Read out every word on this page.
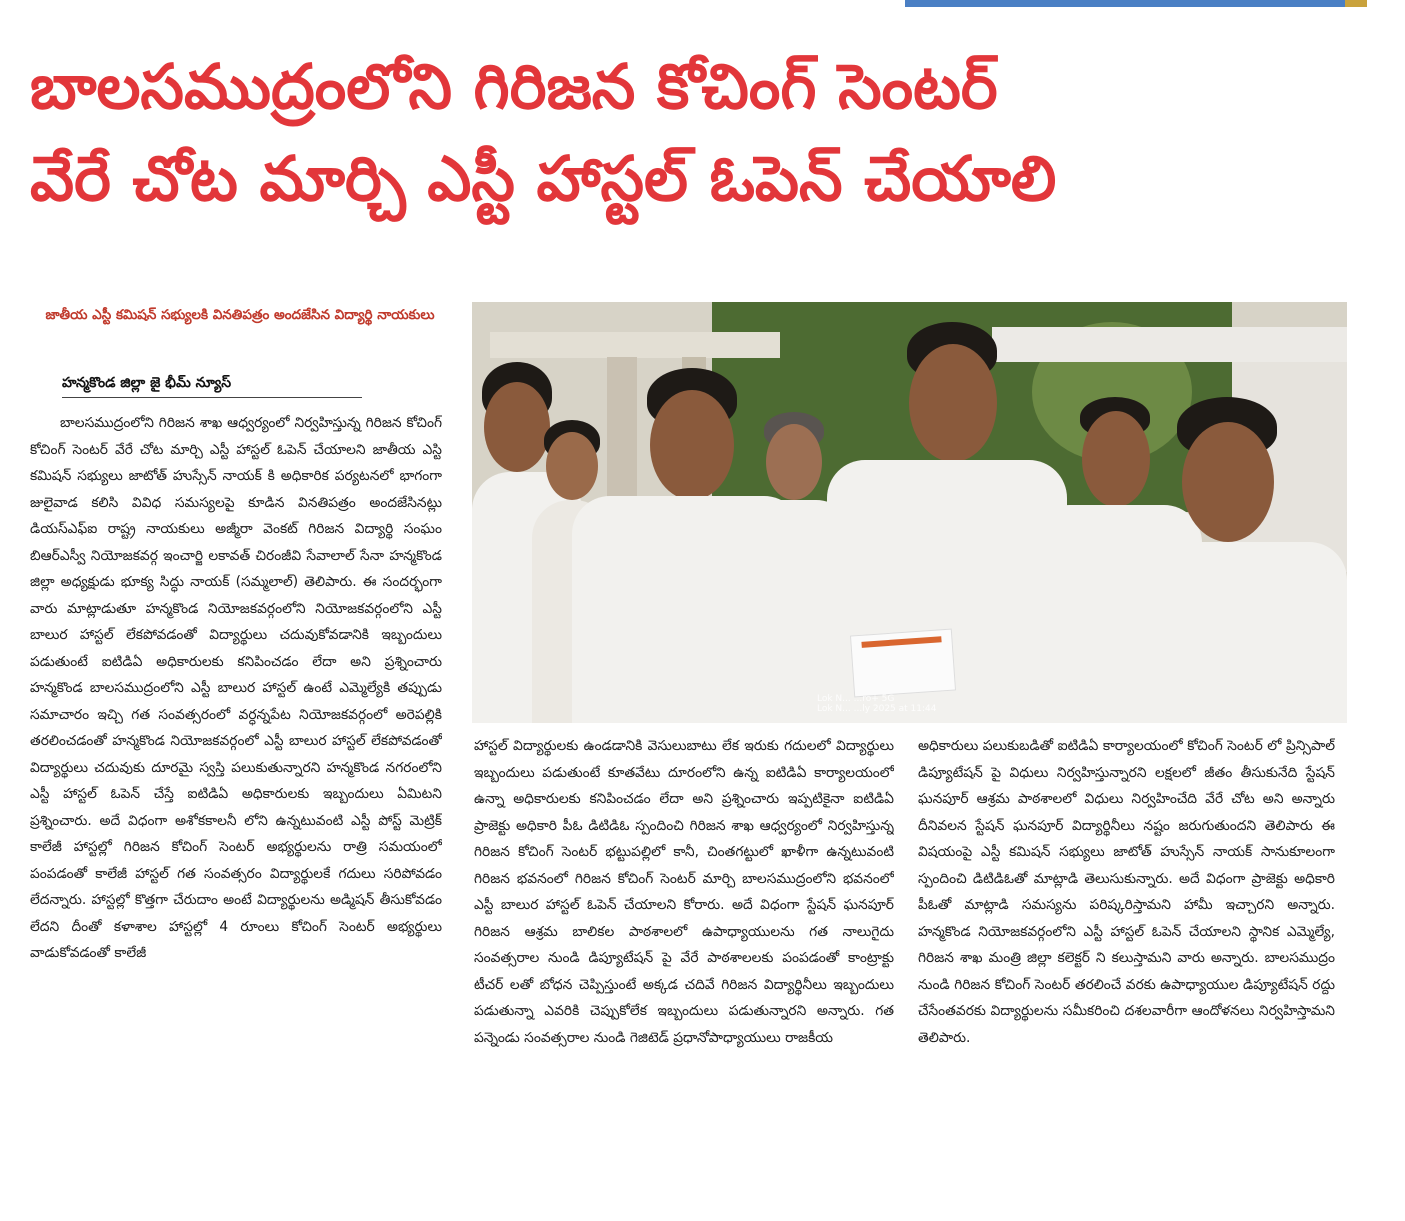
బాలసముద్రంలోని గిరిజన కోచింగ్ సెంటర్
వేరే చోట మార్చి ఎస్టీ హాస్టల్ ఓపెన్ చేయాలి
జాతీయ ఎస్టీ కమిషన్ సభ్యులకి వినతిపత్రం అందజేసిన విద్యార్థి నాయకులు
హన్మకొండ జిల్లా జై భీమ్ న్యూస్
Lok N... ...ro+ 5G
Lok N... ...ly 2025 at 11:44
బాలసముద్రంలోని గిరిజన శాఖ ఆధ్వర్యంలో నిర్వహిస్తున్న గిరిజన కోచింగ్ కోచింగ్ సెంటర్ వేరే చోట మార్చి ఎస్టీ హాస్టల్ ఓపెన్ చేయాలని జాతీయ ఎస్టి కమిషన్ సభ్యులు జాటోత్ హుస్సేన్ నాయక్ కి అధికారిక పర్యటనలో భాగంగా జులైవాడ కలిసి వివిధ సమస్యలపై కూడిన వినతిపత్రం అందజేసినట్లు డియస్ఎఫ్ఐ రాష్ట్ర నాయకులు అజ్మీరా వెంకట్ గిరిజన విద్యార్థి సంఘం బిఆర్ఎస్వీ నియోజకవర్గ ఇంచార్జి లకావత్ చిరంజీవి సేవాలాల్ సేనా హన్మకొండ జిల్లా అధ్యక్షుడు భూక్య సిద్ధు నాయక్ (సమ్మలాల్) తెలిపారు. ఈ సందర్భంగా వారు మాట్లాడుతూ హన్మకొండ నియోజకవర్గంలోని నియోజకవర్గంలోని ఎస్టీ బాలుర హాస్టల్ లేకపోవడంతో విద్యార్థులు చదువుకోవడానికి ఇబ్బందులు పడుతుంటే ఐటిడిఏ అధికారులకు కనిపించడం లేదా అని ప్రశ్నించారు హన్మకొండ బాలసముద్రంలోని ఎస్టీ బాలుర హాస్టల్ ఉంటే ఎమ్మెల్యేకి తప్పుడు సమాచారం ఇచ్చి గత సంవత్సరంలో వర్ధన్నపేట నియోజకవర్గంలో అరెపల్లికి తరలించడంతో హన్మకొండ నియోజకవర్గంలో ఎస్టీ బాలుర హాస్టల్ లేకపోవడంతో విద్యార్థులు చదువుకు దూరమై స్వస్తి పలుకుతున్నారని హన్మకొండ నగరంలోని ఎస్టీ హాస్టల్ ఓపెన్ చేస్తే ఐటిడిఏ అధికారులకు ఇబ్బందులు ఏమిటని ప్రశ్నించారు. అదే విధంగా అశోకకాలనీ లోని ఉన్నటువంటి ఎస్టీ పోస్ట్ మెట్రిక్ కాలేజీ హాస్టల్లో గిరిజన కోచింగ్ సెంటర్ అభ్యర్థులను రాత్రి సమయంలో పంపడంతో కాలేజీ హాస్టల్ గత సంవత్సరం విద్యార్థులకే గదులు సరిపోవడం లేదన్నారు. హాస్టల్లో కొత్తగా చేరుదాం అంటే విద్యార్థులను అడ్మిషన్ తీసుకోవడం లేదని దీంతో కళాశాల హాస్టల్లో 4 రూంలు కోచింగ్ సెంటర్ అభ్యర్థులు వాడుకోవడంతో కాలేజీ
హాస్టల్ విద్యార్థులకు ఉండడానికి వెసులుబాటు లేక ఇరుకు గదులలో విద్యార్థులు ఇబ్బందులు పడుతుంటే కూతవేటు దూరంలోని ఉన్న ఐటిడిఏ కార్యాలయంలో ఉన్నా అధికారులకు కనిపించడం లేదా అని ప్రశ్నించారు ఇప్పటికైనా ఐటిడిఏ ప్రాజెక్టు అధికారి పీఓ డిటిడిఓ స్పందించి గిరిజన శాఖ ఆధ్వర్యంలో నిర్వహిస్తున్న గిరిజన కోచింగ్ సెంటర్ భట్టుపల్లిలో కానీ, చింతగట్టులో ఖాళీగా ఉన్నటువంటి గిరిజన భవనంలో గిరిజన కోచింగ్ సెంటర్ మార్చి బాలసముద్రంలోని భవనంలో ఎస్టీ బాలుర హాస్టల్ ఓపెన్ చేయాలని కోరారు. అదే విధంగా స్టేషన్ ఘనపూర్ గిరిజన ఆశ్రమ బాలికల పాఠశాలలో ఉపాధ్యాయులను గత నాలుగైదు సంవత్సరాల నుండి డిప్యూటేషన్ పై వేరే పాఠశాలలకు పంపడంతో కాంట్రాక్టు టీచర్ లతో బోధన చెప్పిస్తుంటే అక్కడ చదివే గిరిజన విద్యార్థినీలు ఇబ్బందులు పడుతున్నా ఎవరికి చెప్పుకోలేక ఇబ్బందులు పడుతున్నారని అన్నారు. గత పన్నెండు సంవత్సరాల నుండి గెజిటెడ్ ప్రధానోపాధ్యాయులు రాజకీయ
అధికారులు పలుకుబడితో ఐటిడిఏ కార్యాలయంలో కోచింగ్ సెంటర్ లో ప్రిన్సిపాల్ డిప్యూటేషన్ పై విధులు నిర్వహిస్తున్నారని లక్షలలో జీతం తీసుకునేది స్టేషన్ ఘనపూర్ ఆశ్రమ పాఠశాలలో విధులు నిర్వహించేది వేరే చోట అని అన్నారు దీనివలన స్టేషన్ ఘనపూర్ విద్యార్థినీలు నష్టం జరుగుతుందని తెలిపారు ఈ విషయంపై ఎస్టీ కమిషన్ సభ్యులు జాటోత్ హుస్సేన్ నాయక్ సానుకూలంగా స్పందించి డిటిడిఓతో మాట్లాడి తెలుసుకున్నారు. అదే విధంగా ప్రాజెక్టు అధికారి పీఓతో మాట్లాడి సమస్యను పరిష్కరిస్తామని హామీ ఇచ్చారని అన్నారు. హన్మకొండ నియోజకవర్గంలోని ఎస్టీ హాస్టల్ ఓపెన్ చేయాలని స్థానిక ఎమ్మెల్యే, గిరిజన శాఖ మంత్రి జిల్లా కలెక్టర్ ని కలుస్తామని వారు అన్నారు. బాలసముద్రం నుండి గిరిజన కోచింగ్ సెంటర్ తరలించే వరకు ఉపాధ్యాయుల డిప్యూటేషన్ రద్దు చేసేంతవరకు విద్యార్థులను సమీకరించి దశలవారీగా ఆందోళనలు నిర్వహిస్తామని తెలిపారు.
